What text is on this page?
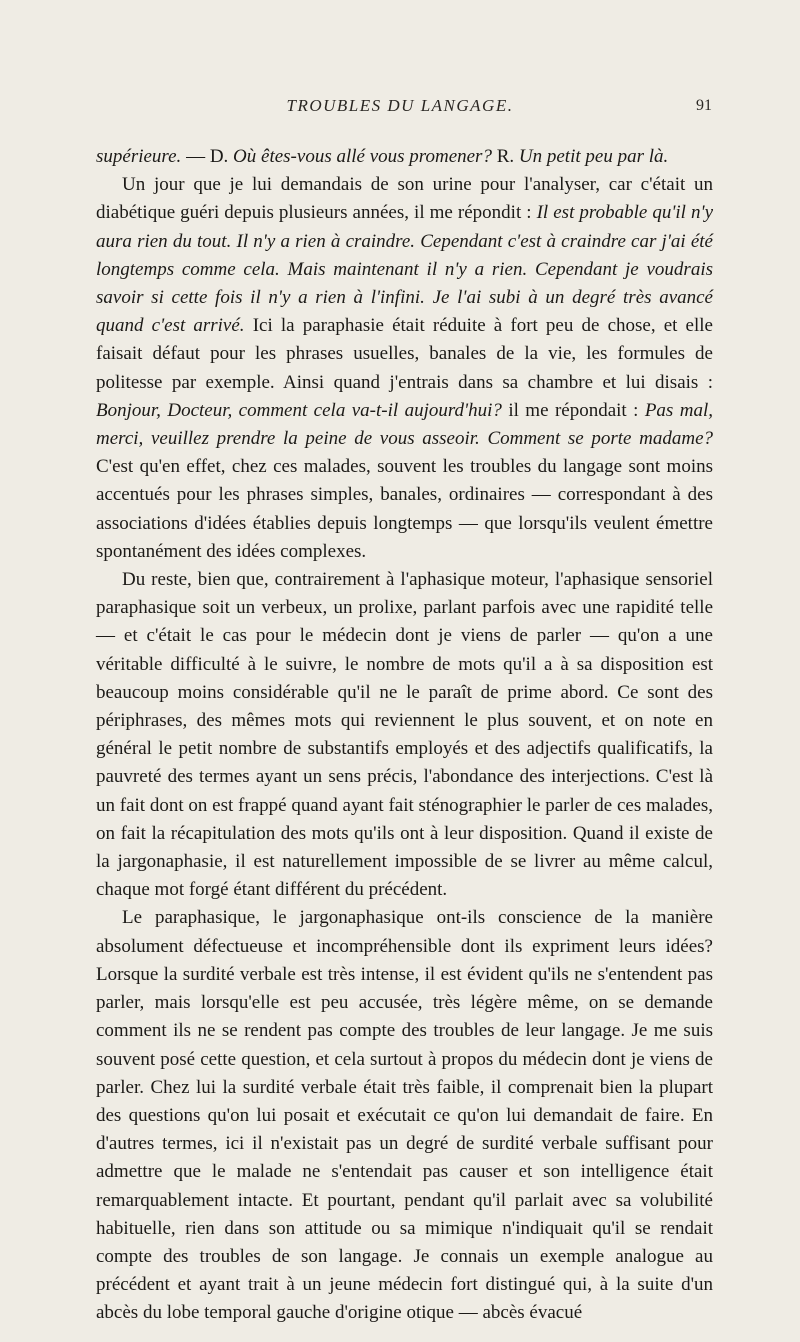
TROUBLES DU LANGAGE.	91

supérieure. — D. Où êtes-vous allé vous promener? R. Un petit peu par là.

Un jour que je lui demandais de son urine pour l'analyser, car c'était un diabétique guéri depuis plusieurs années, il me répondit : Il est probable qu'il n'y aura rien du tout. Il n'y a rien à craindre. Cependant c'est à craindre car j'ai été longtemps comme cela. Mais maintenant il n'y a rien. Cependant je voudrais savoir si cette fois il n'y a rien à l'infini. Je l'ai subi à un degré très avancé quand c'est arrivé. Ici la paraphasie était réduite à fort peu de chose, et elle faisait défaut pour les phrases usuelles, banales de la vie, les formules de politesse par exemple. Ainsi quand j'entrais dans sa chambre et lui disais : Bonjour, Docteur, comment cela va-t-il aujourd'hui? il me répondait : Pas mal, merci, veuillez prendre la peine de vous asseoir. Comment se porte madame? C'est qu'en effet, chez ces malades, souvent les troubles du langage sont moins accentués pour les phrases simples, banales, ordinaires — correspondant à des associations d'idées établies depuis longtemps — que lorsqu'ils veulent émettre spontanément des idées complexes.

Du reste, bien que, contrairement à l'aphasique moteur, l'aphasique sensoriel paraphasique soit un verbeux, un prolixe, parlant parfois avec une rapidité telle — et c'était le cas pour le médecin dont je viens de parler — qu'on a une véritable difficulté à le suivre, le nombre de mots qu'il a à sa disposition est beaucoup moins considérable qu'il ne le paraît de prime abord. Ce sont des périphrases, des mêmes mots qui reviennent le plus souvent, et on note en général le petit nombre de substantifs employés et des adjectifs qualificatifs, la pauvreté des termes ayant un sens précis, l'abondance des interjections. C'est là un fait dont on est frappé quand ayant fait sténographier le parler de ces malades, on fait la récapitulation des mots qu'ils ont à leur disposition. Quand il existe de la jargonaphasie, il est naturellement impossible de se livrer au même calcul, chaque mot forgé étant différent du précédent.

Le paraphasique, le jargonaphasique ont-ils conscience de la manière absolument défectueuse et incompréhensible dont ils expriment leurs idées? Lorsque la surdité verbale est très intense, il est évident qu'ils ne s'entendent pas parler, mais lorsqu'elle est peu accusée, très légère même, on se demande comment ils ne se rendent pas compte des troubles de leur langage. Je me suis souvent posé cette question, et cela surtout à propos du médecin dont je viens de parler. Chez lui la surdité verbale était très faible, il comprenait bien la plupart des questions qu'on lui posait et exécutait ce qu'on lui demandait de faire. En d'autres termes, ici il n'existait pas un degré de surdité verbale suffisant pour admettre que le malade ne s'entendait pas causer et son intelligence était remarquablement intacte. Et pourtant, pendant qu'il parlait avec sa volubilité habituelle, rien dans son attitude ou sa mimique n'indiquait qu'il se rendait compte des troubles de son langage. Je connais un exemple analogue au précédent et ayant trait à un jeune médecin fort distingué qui, à la suite d'un abcès du lobe temporal gauche d'origine otique — abcès évacué
